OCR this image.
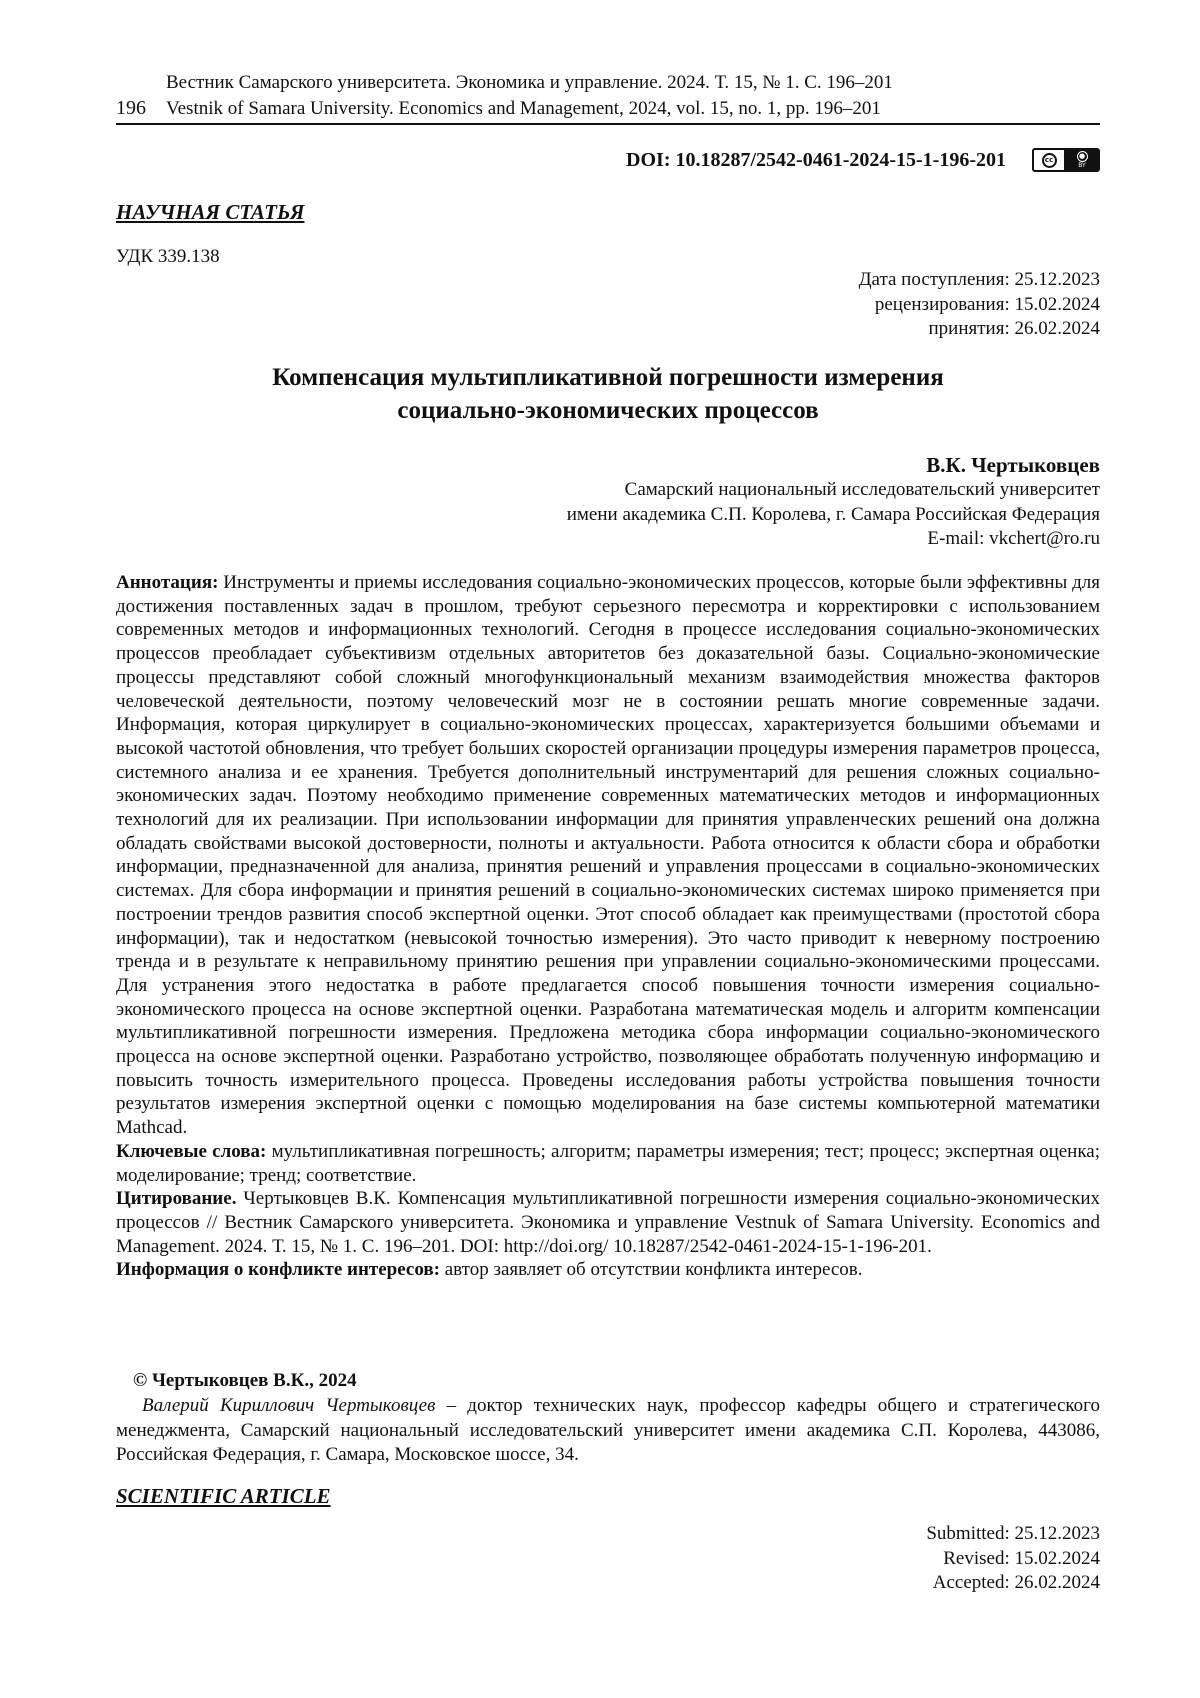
Вестник Самарского университета. Экономика и управление. 2024. Т. 15, № 1. С. 196–201
196	Vestnik of Samara University. Economics and Management, 2024, vol. 15, no. 1, pp. 196–201
DOI: 10.18287/2542-0461-2024-15-1-196-201	cc	●
BY
НАУЧНАЯ СТАТЬЯ
УДК 339.138
Дата поступления: 25.12.2023
рецензирования: 15.02.2024
принятия: 26.02.2024
Компенсация мультипликативной погрешности измерения
социально-экономических процессов
В.К. Чертыковцев
Самарский национальный исследовательский университет
имени академика С.П. Королева, г. Самара Российская Федерация
E-mail: vkchert@ro.ru

Аннотация: Инструменты и приемы исследования социально-экономических процессов, которые были эффективны для достижения поставленных задач в прошлом, требуют серьезного пересмотра и корректировки с использованием современных методов и информационных технологий. Сегодня в процессе исследования социально-экономических процессов преобладает субъективизм отдельных авторитетов без доказательной базы. Социально-экономические процессы представляют собой сложный многофункциональный механизм взаимодействия множества факторов человеческой деятельности, поэтому человеческий мозг не в состоянии решать многие современные задачи. Информация, которая циркулирует в социально-экономических процессах, характеризуется большими объемами и высокой частотой обновления, что требует больших скоростей организации процедуры измерения параметров процесса, системного анализа и ее хранения. Требуется дополнительный инструментарий для решения сложных социально-экономических задач. Поэтому необходимо применение современных математических методов и информационных технологий для их реализации. При использовании информации для принятия управленческих решений она должна обладать свойствами высокой достоверности, полноты и актуальности. Работа относится к области сбора и обработки информации, предназначенной для анализа, принятия решений и управления процессами в социально-экономических системах. Для сбора информации и принятия решений в социально-экономических системах широко применяется при построении трендов развития способ экспертной оценки. Этот способ обладает как преимуществами (простотой сбора информации), так и недостатком (невысокой точностью измерения). Это часто приводит к неверному построению тренда и в результате к неправильному принятию решения при управлении социально-экономическими процессами. Для устранения этого недостатка в работе предлагается способ повышения точности измерения социально-экономического процесса на основе экспертной оценки. Разработана математическая модель и алгоритм компенсации мультипликативной погрешности измерения. Предложена методика сбора информации социально-экономического процесса на основе экспертной оценки. Разработано устройство, позволяющее обработать полученную информацию и повысить точность измерительного процесса. Проведены исследования работы устройства повышения точности результатов измерения экспертной оценки с помощью моделирования на базе системы компьютерной математики Mathcad.

Ключевые слова: мультипликативная погрешность; алгоритм; параметры измерения; тест; процесс; экспертная оценка; моделирование; тренд; соответствие.

Цитирование. Чертыковцев В.К. Компенсация мультипликативной погрешности измерения социально-экономических процессов // Вестник Самарского университета. Экономика и управление Vestnuk of Samara University. Economics and Management. 2024. Т. 15, № 1. С. 196–201. DOI: http://doi.org/ 10.18287/2542-0461-2024-15-1-196-201.

Информация о конфликте интересов: автор заявляет об отсутствии конфликта интересов.

© Чертыковцев В.К., 2024

Валерий Кириллович Чертыковцев – доктор технических наук, профессор кафедры общего и стратегического менеджмента, Самарский национальный исследовательский университет имени академика С.П. Королева, 443086, Российская Федерация, г. Самара, Московское шоссе, 34.

SCIENTIFIC ARTICLE
Submitted: 25.12.2023
Revised: 15.02.2024
Accepted: 26.02.2024
